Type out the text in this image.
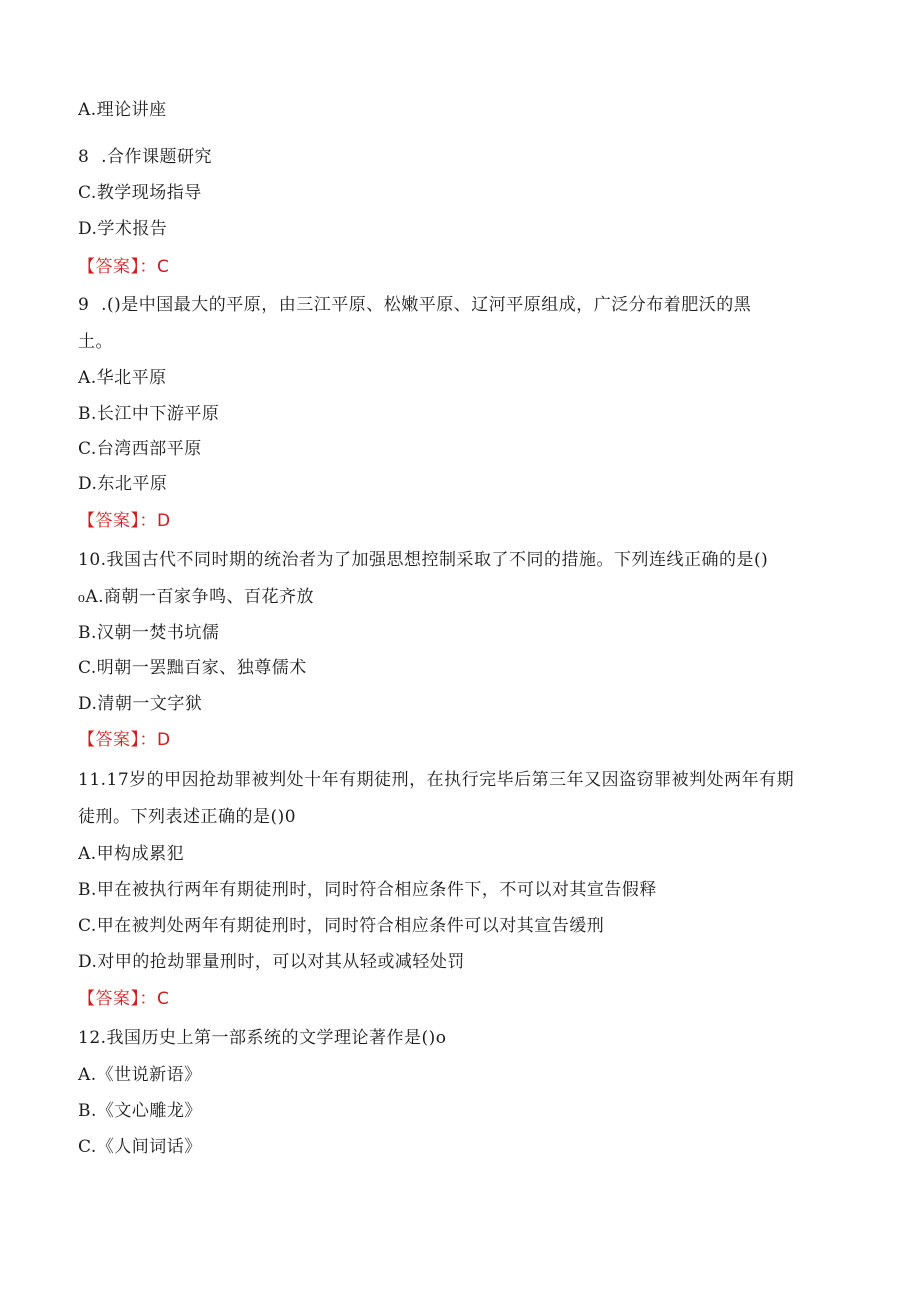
A.理论讲座
8  .合作课题研究
C.教学现场指导
D.学术报告
【答案】：C
9  .()是中国最大的平原，由三江平原、松嫩平原、辽河平原组成，广泛分布着肥沃的黑
土。
A.华北平原
B.长江中下游平原
C.台湾西部平原
D.东北平原
【答案】：D
10.我国古代不同时期的统治者为了加强思想控制采取了不同的措施。下列连线正确的是()
₀A.商朝一百家争鸣、百花齐放
B.汉朝一焚书坑儒
C.明朝一罢黜百家、独尊儒术
D.清朝一文字狱
【答案】：D
11.17岁的甲因抢劫罪被判处十年有期徒刑，在执行完毕后第三年又因盗窃罪被判处两年有期
徒刑。下列表述正确的是()0
A.甲构成累犯
B.甲在被执行两年有期徒刑时，同时符合相应条件下，不可以对其宣告假释
C.甲在被判处两年有期徒刑时，同时符合相应条件可以对其宣告缓刑
D.对甲的抢劫罪量刑时，可以对其从轻或减轻处罚
【答案】：C
12.我国历史上第一部系统的文学理论著作是()o
A.《世说新语》
B.《文心雕龙》
C.《人间词话》
